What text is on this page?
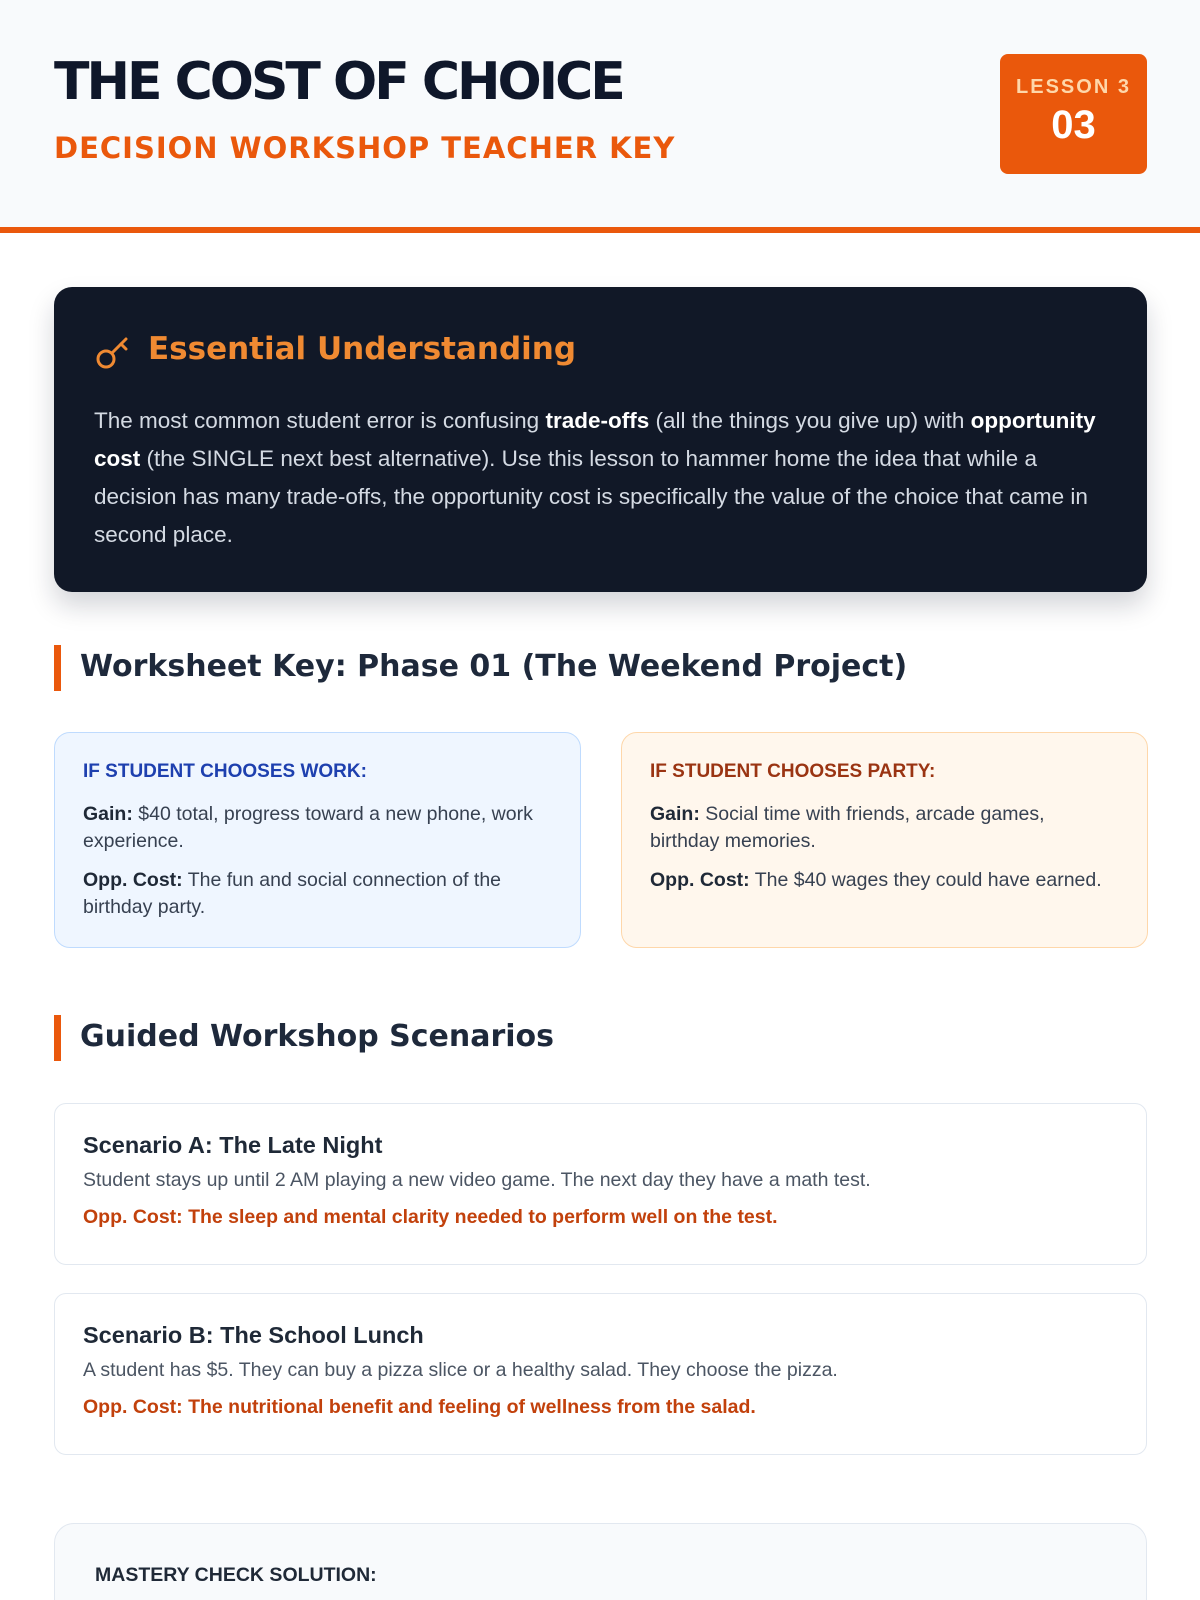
THE COST OF CHOICE
DECISION WORKSHOP TEACHER KEY
LESSON 3
03
Essential Understanding

The most common student error is confusing trade-offs (all the things you give up) with opportunity cost (the SINGLE next best alternative). Use this lesson to hammer home the idea that while a decision has many trade-offs, the opportunity cost is specifically the value of the choice that came in second place.

Worksheet Key: Phase 01 (The Weekend Project)
IF STUDENT CHOOSES WORK:
Gain: $40 total, progress toward a new phone, work experience.
Opp. Cost: The fun and social connection of the birthday party.
IF STUDENT CHOOSES PARTY:
Gain: Social time with friends, arcade games, birthday memories.
Opp. Cost: The $40 wages they could have earned.
Guided Workshop Scenarios
Scenario A: The Late Night
Student stays up until 2 AM playing a new video game. The next day they have a math test.
Opp. Cost: The sleep and mental clarity needed to perform well on the test.
Scenario B: The School Lunch
A student has $5. They can buy a pizza slice or a healthy salad. They choose the pizza.
Opp. Cost: The nutritional benefit and feeling of wellness from the salad.
MASTERY CHECK SOLUTION:
